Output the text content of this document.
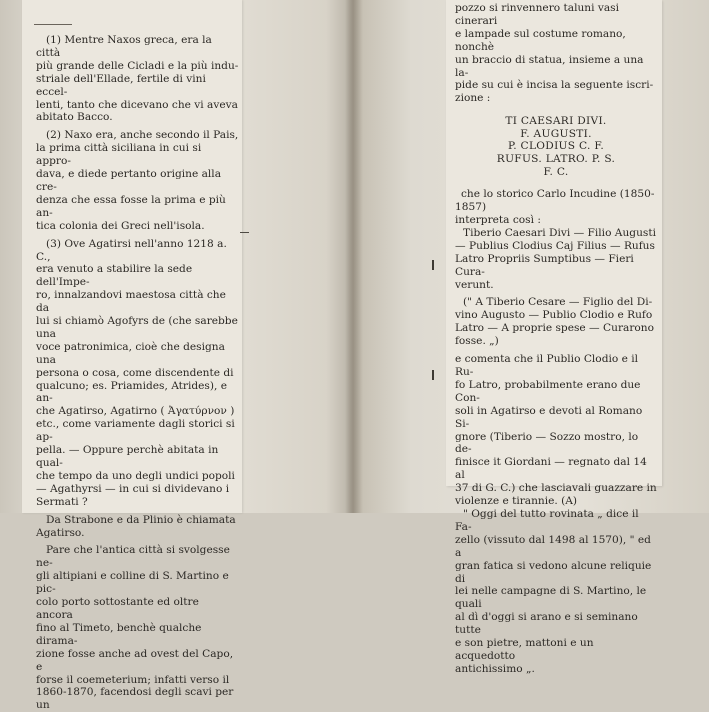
(1) Mentre Naxos greca, era la città

più grande delle Cicladi e la più indu-

striale dell'Ellade, fertile di vini eccel-

lenti, tanto che dicevano che vi aveva

abitato Bacco.

(2) Naxo era, anche secondo il Pais,

la prima città siciliana in cui si appro-

dava, e diede pertanto origine alla cre-

denza che essa fosse la prima e più an-

tica colonia dei Greci nell'isola.

(3) Ove Agatirsi nell'anno 1218 a. C.,

era venuto a stabilire la sede dell'Impe-

ro, innalzandovi maestosa città che da

lui si chiamò Agofyrs de (che sarebbe una

voce patronimica, cioè che designa una

persona o cosa, come discendente di

qualcuno; es. Priamides, Atrides), e an-

che Agatirso, Agatirno ( Ἀγατύρνον )

etc., come variamente dagli storici si ap-

pella. — Oppure perchè abitata in qual-

che tempo da uno degli undici popoli

— Agathyrsi — in cui si dividevano i

Sermati ?

Da Strabone e da Plinio è chiamata

Agatirso.

Pare che l'antica città si svolgesse ne-

gli altipiani e colline di S. Martino e pic-

colo porto sottostante ed oltre ancora

fino al Timeto, benchè qualche dirama-

zione fosse anche ad ovest del Capo, e

forse il coemeterium; infatti verso il

1860-1870, facendosi degli scavi per un

pozzo si rinvennero taluni vasi cinerari

e lampade sul costume romano, nonchè

un braccio di statua, insieme a una la-

pide su cui è incisa la seguente iscri-

zione :

TI CAESARI DIVI.

F. AUGUSTI.

P. CLODIUS C. F.

RUFUS. LATRO. P. S.

F. C.

che lo storico Carlo Incudine (1850-1857)

interpreta così :

Tiberio Caesari Divi — Filio Augusti

— Publius Clodius Caj Filius — Rufus

Latro Propriis Sumptibus — Fieri Cura-

verunt.

(" A Tiberio Cesare — Figlio del Di-

vino Augusto — Publio Clodio e Rufo

Latro — A proprie spese — Curarono

fosse. „)

e comenta che il Publio Clodio e il Ru-

fo Latro, probabilmente erano due Con-

soli in Agatirso e devoti al Romano Si-

gnore (Tiberio — Sozzo mostro, lo de-

finisce it Giordani — regnato dal 14 al

37 di G. C.) che lasciavali guazzare in

violenze e tirannie. (A)

" Oggi del tutto rovinata „ dice il Fa-

zello (vissuto dal 1498 al 1570), " ed a

gran fatica si vedono alcune reliquie di

lei nelle campagne di S. Martino, le quali

al dì d'oggi si arano e si seminano tutte

e son pietre, mattoni e un acquedotto

antichissimo „.
